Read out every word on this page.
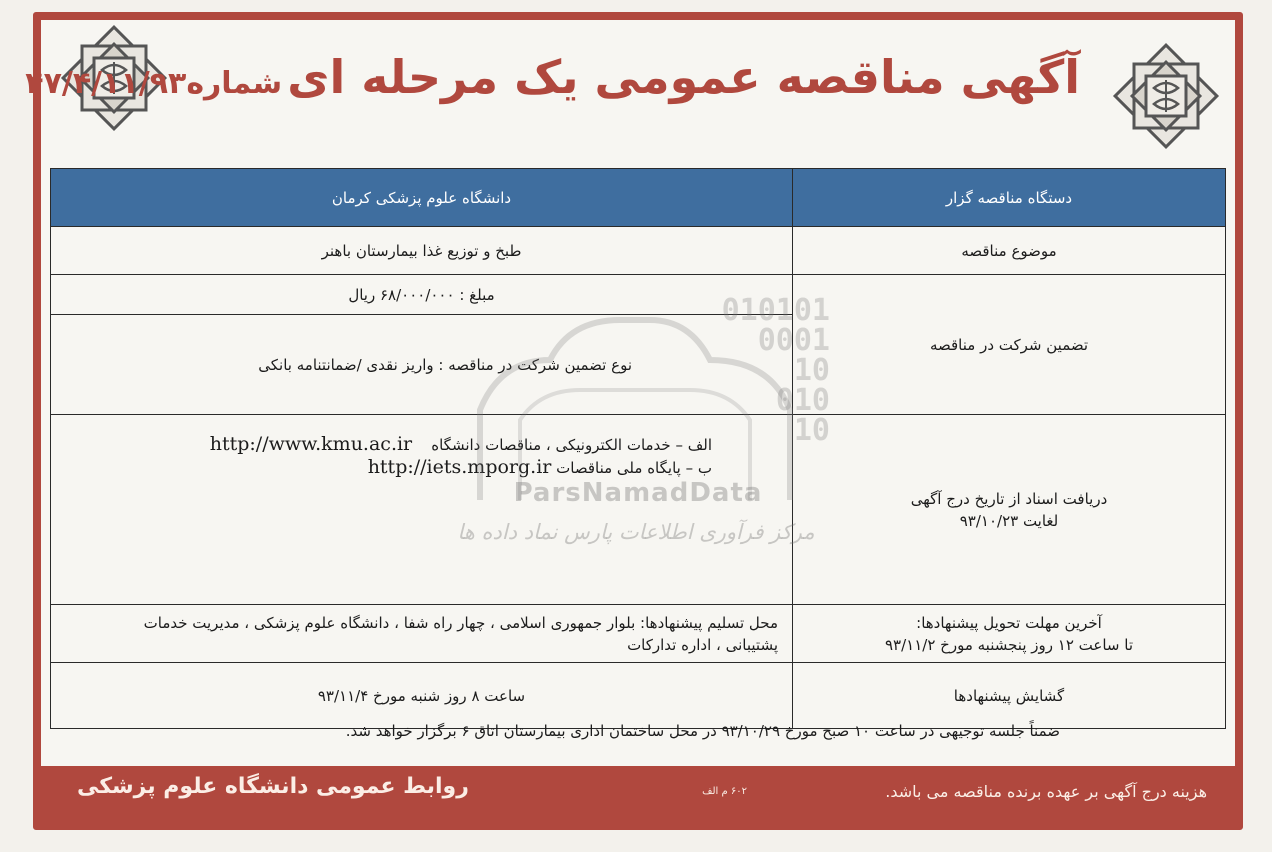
آگهی مناقصه عمومی یک مرحله ای شماره۴۷/۴/۱۱/۹۳
دستگاه مناقصه گزار	دانشگاه علوم پزشکی کرمان
موضوع مناقصه	طبخ و توزیع غذا بیمارستان باهنر
تضمین شرکت در مناقصه	مبلغ : ۶۸/۰۰۰/۰۰۰ ریال
	نوع تضمین شرکت در مناقصه : واریز نقدی /ضمانتنامه بانکی

دریافت اسناد از تاریخ درج آگهی
لغایت ۹۳/۱۰/۲۳	الف – خدمات الکترونیکی ، مناقصات دانشگاه    http://www.kmu.ac.ir
ب – پایگاه ملی مناقصات http://iets.mporg.ir

آخرین مهلت تحویل پیشنهادها:
تا ساعت ۱۲ روز پنجشنبه مورخ ۹۳/۱۱/۲	محل تسلیم پیشنهادها: بلوار جمهوری اسلامی ، چهار راه شفا ، دانشگاه علوم پزشکی ، مدیریت خدمات
پشتیبانی ، اداره تدارکات

گشایش پیشنهادها	ساعت ۸ روز شنبه مورخ ۹۳/۱۱/۴
010101
0001
10
010
10
ParsNamadData
مرکز فرآوری اطلاعات پارس نماد داده ها
ضمناً جلسه توجیهی در ساعت ۱۰ صبح مورخ ۹۳/۱۰/۲۹ در محل ساختمان اداری بیمارستان اتاق ۶ برگزار خواهد شد.
هزینه درج آگهی بر عهده برنده مناقصه می باشد.
۶۰۲ م الف
روابط عمومی دانشگاه علوم پزشکی
